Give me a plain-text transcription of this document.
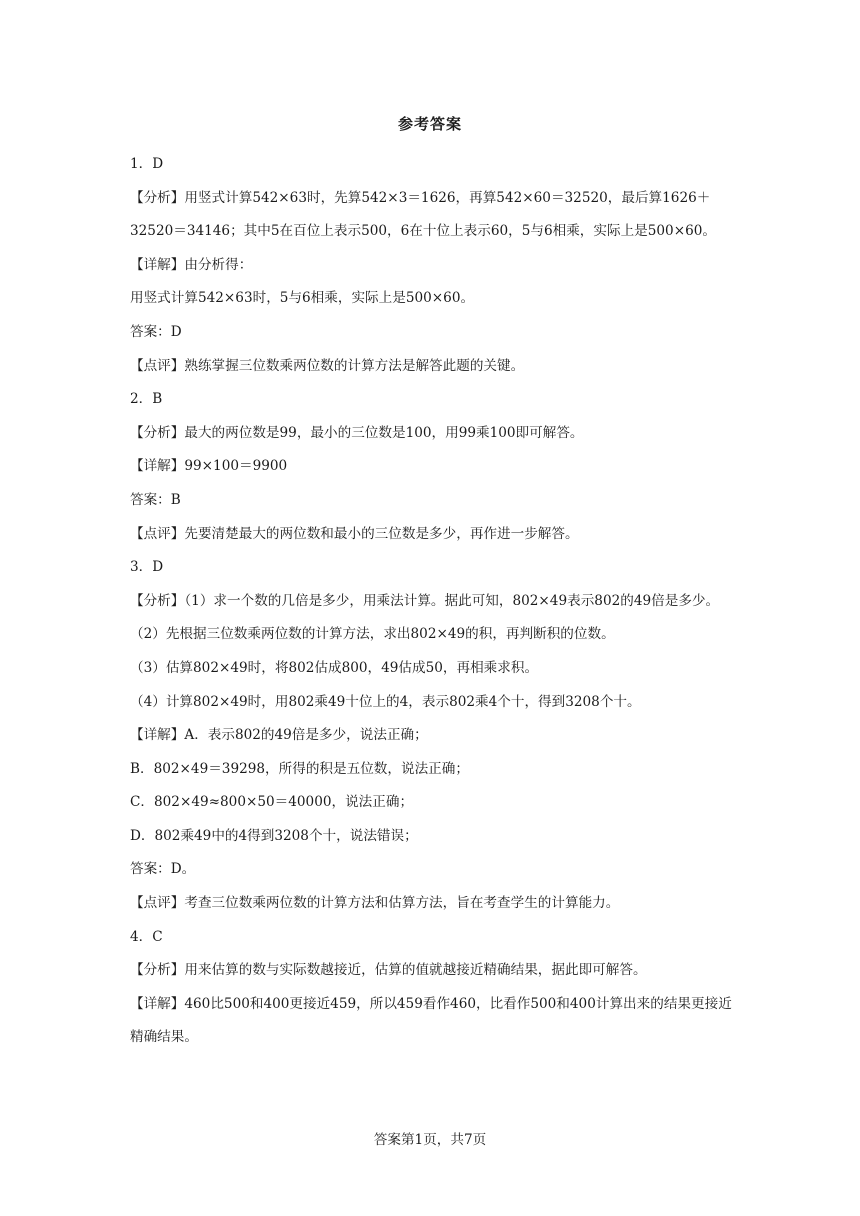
参考答案

1．D

【分析】用竖式计算542×63时，先算542×3＝1626，再算542×60＝32520，最后算1626＋32520＝34146；其中5在百位上表示500，6在十位上表示60，5与6相乘，实际上是500×60。

【详解】由分析得：

用竖式计算542×63时，5与6相乘，实际上是500×60。

答案：D

【点评】熟练掌握三位数乘两位数的计算方法是解答此题的关键。

2．B

【分析】最大的两位数是99，最小的三位数是100，用99乘100即可解答。

【详解】99×100＝9900

答案：B

【点评】先要清楚最大的两位数和最小的三位数是多少，再作进一步解答。

3．D

【分析】（1）求一个数的几倍是多少，用乘法计算。据此可知，802×49表示802的49倍是多少。

（2）先根据三位数乘两位数的计算方法，求出802×49的积，再判断积的位数。

（3）估算802×49时，将802估成800，49估成50，再相乘求积。

（4）计算802×49时，用802乘49十位上的4，表示802乘4个十，得到3208个十。

【详解】A．表示802的49倍是多少，说法正确；

B．802×49＝39298，所得的积是五位数，说法正确；

C．802×49≈800×50＝40000，说法正确；

D．802乘49中的4得到3208个十，说法错误；

答案：D。

【点评】考查三位数乘两位数的计算方法和估算方法，旨在考查学生的计算能力。

4．C

【分析】用来估算的数与实际数越接近，估算的值就越接近精确结果，据此即可解答。

【详解】460比500和400更接近459，所以459看作460，比看作500和400计算出来的结果更接近精确结果。

答案第1页，共7页
